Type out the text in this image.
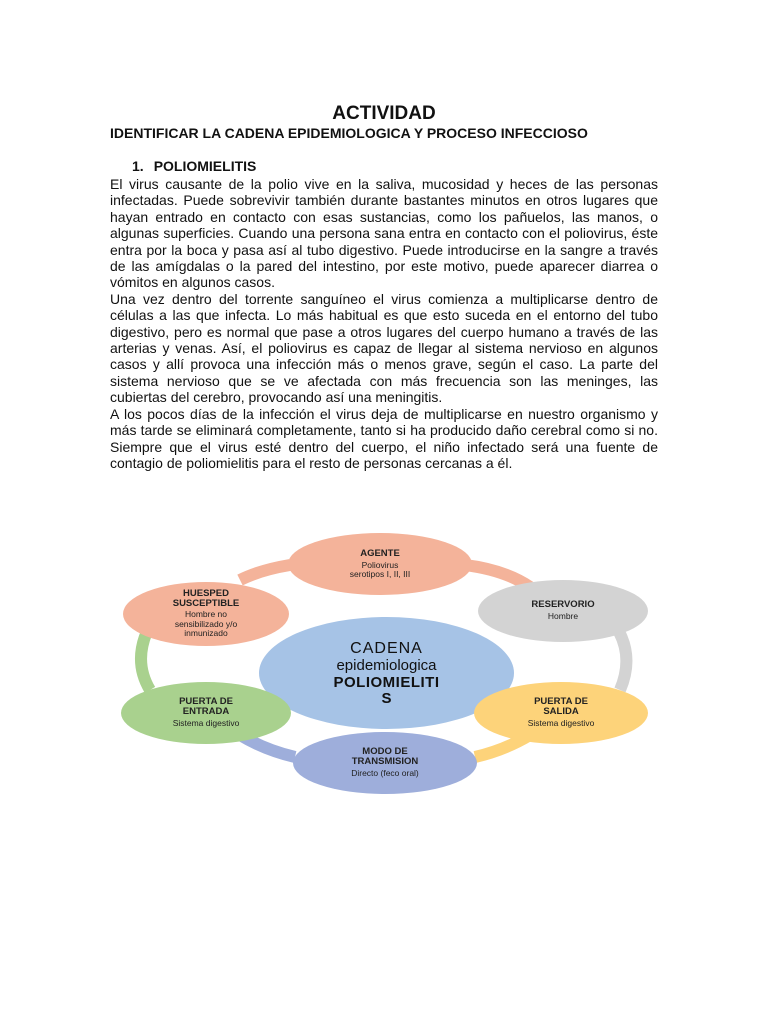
ACTIVIDAD
IDENTIFICAR LA CADENA EPIDEMIOLOGICA Y PROCESO INFECCIOSO
1. POLIOMIELITIS

El virus causante de la polio vive en la saliva, mucosidad y heces de las personas infectadas. Puede sobrevivir también durante bastantes minutos en otros lugares que hayan entrado en contacto con esas sustancias, como los pañuelos, las manos, o algunas superficies. Cuando una persona sana entra en contacto con el poliovirus, éste entra por la boca y pasa así al tubo digestivo. Puede introducirse en la sangre a través de las amígdalas o la pared del intestino, por este motivo, puede aparecer diarrea o vómitos en algunos casos.

Una vez dentro del torrente sanguíneo el virus comienza a multiplicarse dentro de células a las que infecta. Lo más habitual es que esto suceda en el entorno del tubo digestivo, pero es normal que pase a otros lugares del cuerpo humano a través de las arterias y venas. Así, el poliovirus es capaz de llegar al sistema nervioso en algunos casos y allí provoca una infección más o menos grave, según el caso. La parte del sistema nervioso que se ve afectada con más frecuencia son las meninges, las cubiertas del cerebro, provocando así una meningitis.

A los pocos días de la infección el virus deja de multiplicarse en nuestro organismo y más tarde se eliminará completamente, tanto si ha producido daño cerebral como si no. Siempre que el virus esté dentro del cuerpo, el niño infectado será una fuente de contagio de poliomielitis para el resto de personas cercanas a él.

CADENA
epidemiologica
POLIOMIELITI
S
AGENTE
Poliovirus
serotipos I, II, III
RESERVORIO
Hombre
PUERTA DE
SALIDA
Sistema digestivo
MODO DE
TRANSMISION
Directo (feco oral)
PUERTA DE
ENTRADA
Sistema digestivo
HUESPED
SUSCEPTIBLE
Hombre no
sensibilizado y/o
inmunizado
